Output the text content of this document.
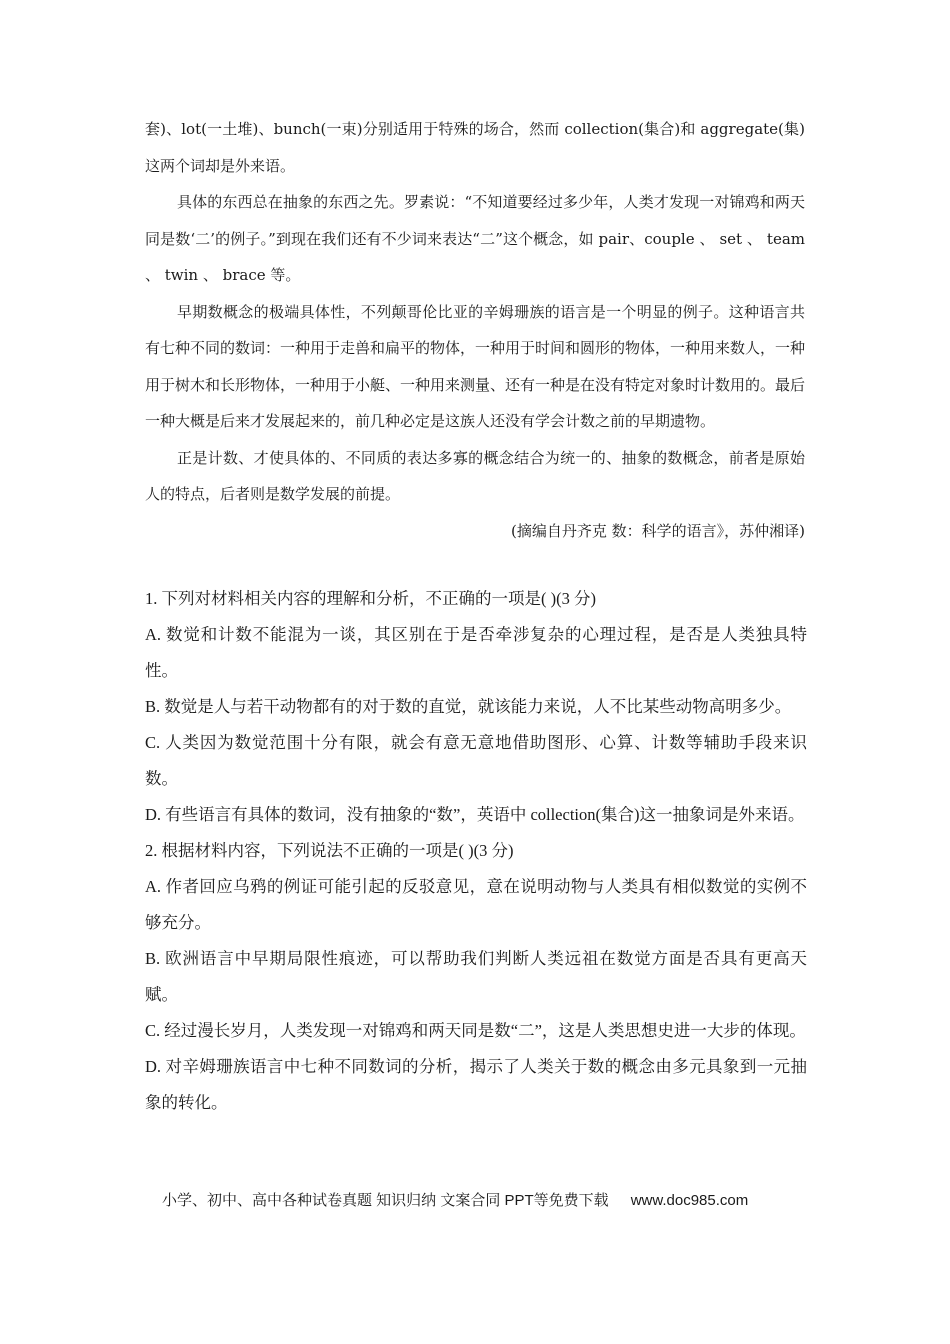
套)、lot(一土堆)、bunch(一束)分别适用于特殊的场合，然而 collection(集合)和 aggregate(集)这两个词却是外来语。

具体的东西总在抽象的东西之先。罗素说：“不知道要经过多少年，人类才发现一对锦鸡和两天同是数‘二’的例子。”到现在我们还有不少词来表达“二”这个概念，如 pair、couple 、 set 、 team 、 twin 、 brace 等。

早期数概念的极端具体性，不列颠哥伦比亚的辛姆珊族的语言是一个明显的例子。这种语言共有七种不同的数词：一种用于走兽和扁平的物体，一种用于时间和圆形的物体，一种用来数人，一种用于树木和长形物体，一种用于小艇、一种用来测量、还有一种是在没有特定对象时计数用的。最后一种大概是后来才发展起来的，前几种必定是这族人还没有学会计数之前的早期遗物。

正是计数、才使具体的、不同质的表达多寡的概念结合为统一的、抽象的数概念，前者是原始人的特点，后者则是数学发展的前提。

(摘编自丹齐克 数：科学的语言》，苏仲湘译)

1. 下列对材料相关内容的理解和分析，不正确的一项是( )(3 分)

A. 数觉和计数不能混为一谈，其区别在于是否牵涉复杂的心理过程，是否是人类独具特性。

B. 数觉是人与若干动物都有的对于数的直觉，就该能力来说，人不比某些动物高明多少。

C. 人类因为数觉范围十分有限，就会有意无意地借助图形、心算、计数等辅助手段来识数。

D. 有些语言有具体的数词，没有抽象的“数”，英语中 collection(集合)这一抽象词是外来语。

2. 根据材料内容，下列说法不正确的一项是( )(3 分)

A. 作者回应乌鸦的例证可能引起的反驳意见，意在说明动物与人类具有相似数觉的实例不够充分。

B. 欧洲语言中早期局限性痕迹，可以帮助我们判断人类远祖在数觉方面是否具有更高天赋。

C. 经过漫长岁月，人类发现一对锦鸡和两天同是数“二”，这是人类思想史进一大步的体现。

D. 对辛姆珊族语言中七种不同数词的分析，揭示了人类关于数的概念由多元具象到一元抽象的转化。

小学、初中、高中各种试卷真题 知识归纳 文案合同 PPT等免费下载 www.doc985.com
